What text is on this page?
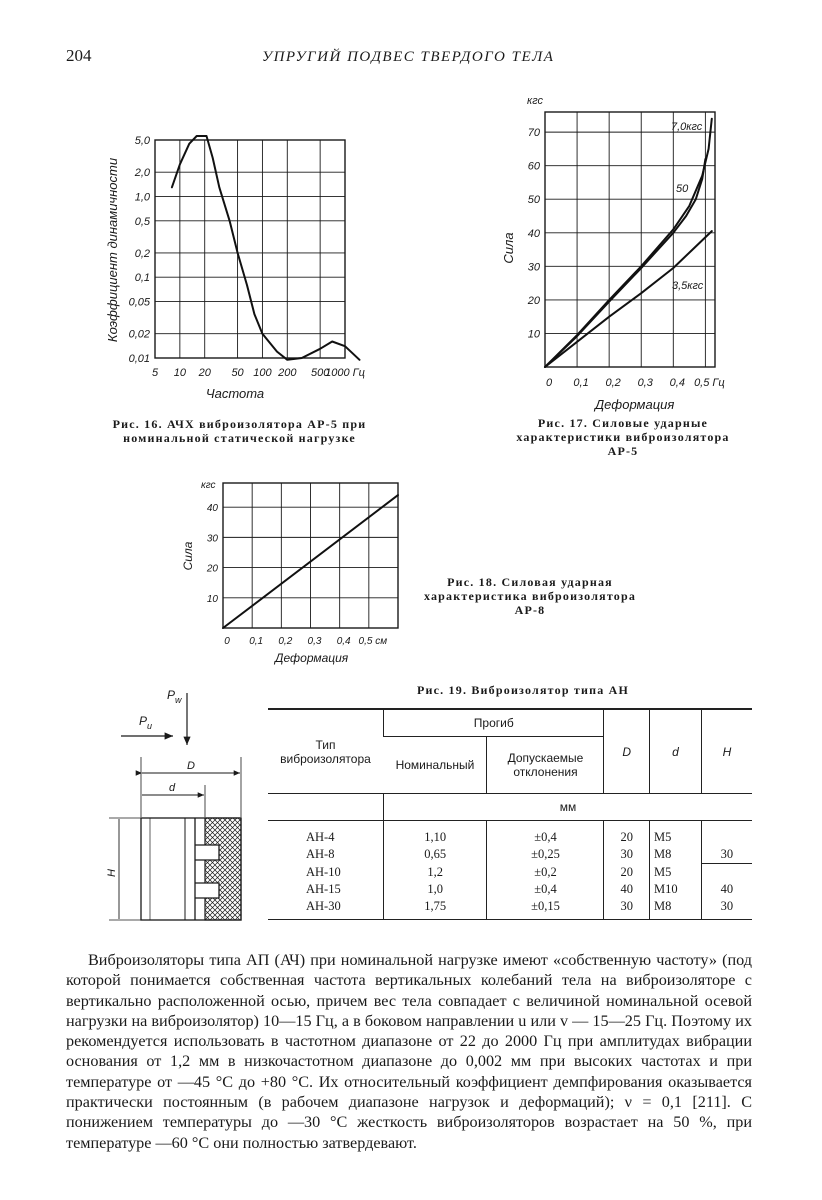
204	УПРУГИЙ ПОДВЕС ТВЕРДОГО ТЕЛА
5 10 20 50 100 200 500
1000 Гц
5,0
2,0
1,0
0,5
0,2
0,1
0,05
0,02
0,01
Частота
Коэффициент динамичности
Рис. 16. АЧХ виброизолятора АР-5 при номинальной статической нагрузке
0 0,1 0,2 0,3 0,4 0,5 Гц
10
20
30
40
50
60
70
7,0кгс
50
3,5кгс
кгс
Деформация
Сила
Рис. 17. Силовые ударные характеристики виброизолятора АР-5
0 0,1 0,2 0,3 0,4 0,5 см
10
20
30
40
кгс
Деформация
Сила
Рис. 18. Силовая ударная характеристика виброизолятора АР-8
$P_w$
$P_u$
D
d
H
Рис. 19. Виброизолятор типа АН
Тип виброизолятора	Прогиб		D	d	H
	Номинальный	Допускаемые отклонения			
	мм				
АН-4	1,10	±0,4	20	М5	
АН-8	0,65	±0,25	30	М8	30
АН-10	1,2	±0,2	20	М5	
АН-15	1,0	±0,4	40	М10	40
АН-30	1,75	±0,15	30	М8	30

Виброизоляторы типа АП (АЧ) при номинальной нагрузке имеют «собственную частоту» (под которой понимается собственная частота вертикальных колебаний тела на виброизоляторе с вертикально расположенной осью, причем вес тела совпадает с величиной номинальной осевой нагрузки на виброизолятор) 10—15 Гц, а в боковом направлении u или v — 15—25 Гц. Поэтому их рекомендуется использовать в частотном диапазоне от 22 до 2000 Гц при амплитудах вибрации основания от 1,2 мм в низкочастотном диапазоне до 0,002 мм при высоких частотах и при температуре от —45 °С до +80 °С. Их относительный коэффициент демпфирования оказывается практически постоянным (в рабочем диапазоне нагрузок и деформаций); ν = 0,1 [211]. С понижением температуры до —30 °С жесткость виброизоляторов возрастает на 50 %, при температуре —60 °С они полностью затвердевают.
